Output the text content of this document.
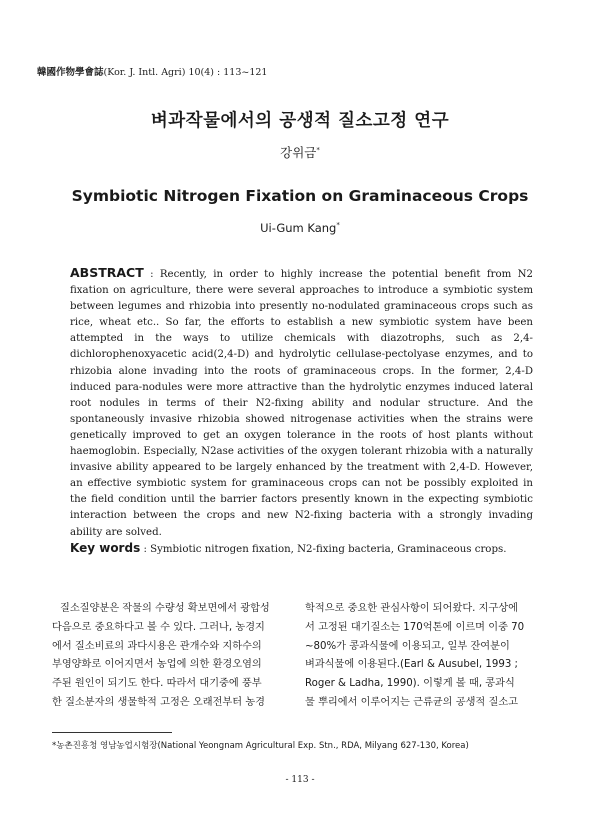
韓國作物學會誌(Kor. J. Intl. Agri) 10(4) : 113~121
벼과작물에서의 공생적 질소고정 연구
강위금*
Symbiotic Nitrogen Fixation on Graminaceous Crops
Ui-Gum Kang*
ABSTRACT : Recently, in order to highly increase the potential benefit from N2 fixation on agriculture, there were several approaches to introduce a symbiotic system between legumes and rhizobia into presently no-nodulated graminaceous crops such as rice, wheat etc.. So far, the efforts to establish a new symbiotic system have been attempted in the ways to utilize chemicals with diazotrophs, such as 2,4-dichlorophenoxyacetic acid(2,4-D) and hydrolytic cellulase-pectolyase enzymes, and to rhizobia alone invading into the roots of graminaceous crops. In the former, 2,4-D induced para-nodules were more attractive than the hydrolytic enzymes induced lateral root nodules in terms of their N2-fixing ability and nodular structure. And the spontaneously invasive rhizobia showed nitrogenase activities when the strains were genetically improved to get an oxygen tolerance in the roots of host plants without haemoglobin. Especially, N2ase activities of the oxygen tolerant rhizobia with a naturally invasive ability appeared to be largely enhanced by the treatment with 2,4-D. However, an effective symbiotic system for graminaceous crops can not be possibly exploited in the field condition until the barrier factors presently known in the expecting symbiotic interaction between the crops and new N2-fixing bacteria with a strongly invading ability are solved.
Key words : Symbiotic nitrogen fixation, N2-fixing bacteria, Graminaceous crops.
질소질양분은 작물의 수량성 확보면에서 광합성
다음으로 중요하다고 볼 수 있다. 그러나, 농경지
에서 질소비료의 과다시용은 관개수와 지하수의
부영양화로 이어지면서 농업에 의한 환경오염의
주된 원인이 되기도 한다. 따라서 대기중에 풍부
한 질소분자의 생물학적 고정은 오래전부터 농경
학적으로 중요한 관심사항이 되어왔다. 지구상에
서 고정된 대기질소는 170억톤에 이르며 이중 70
~80%가 콩과식물에 이용되고, 일부 잔여분이
벼과식물에 이용된다.(Earl & Ausubel, 1993 ;
Roger & Ladha, 1990). 이렇게 볼 때, 콩과식
물 뿌리에서 이루어지는 근류균의 공생적 질소고
*농촌진흥청 영남농업시험장(National Yeongnam Agricultural Exp. Stn., RDA, Milyang 627-130, Korea)
- 113 -
